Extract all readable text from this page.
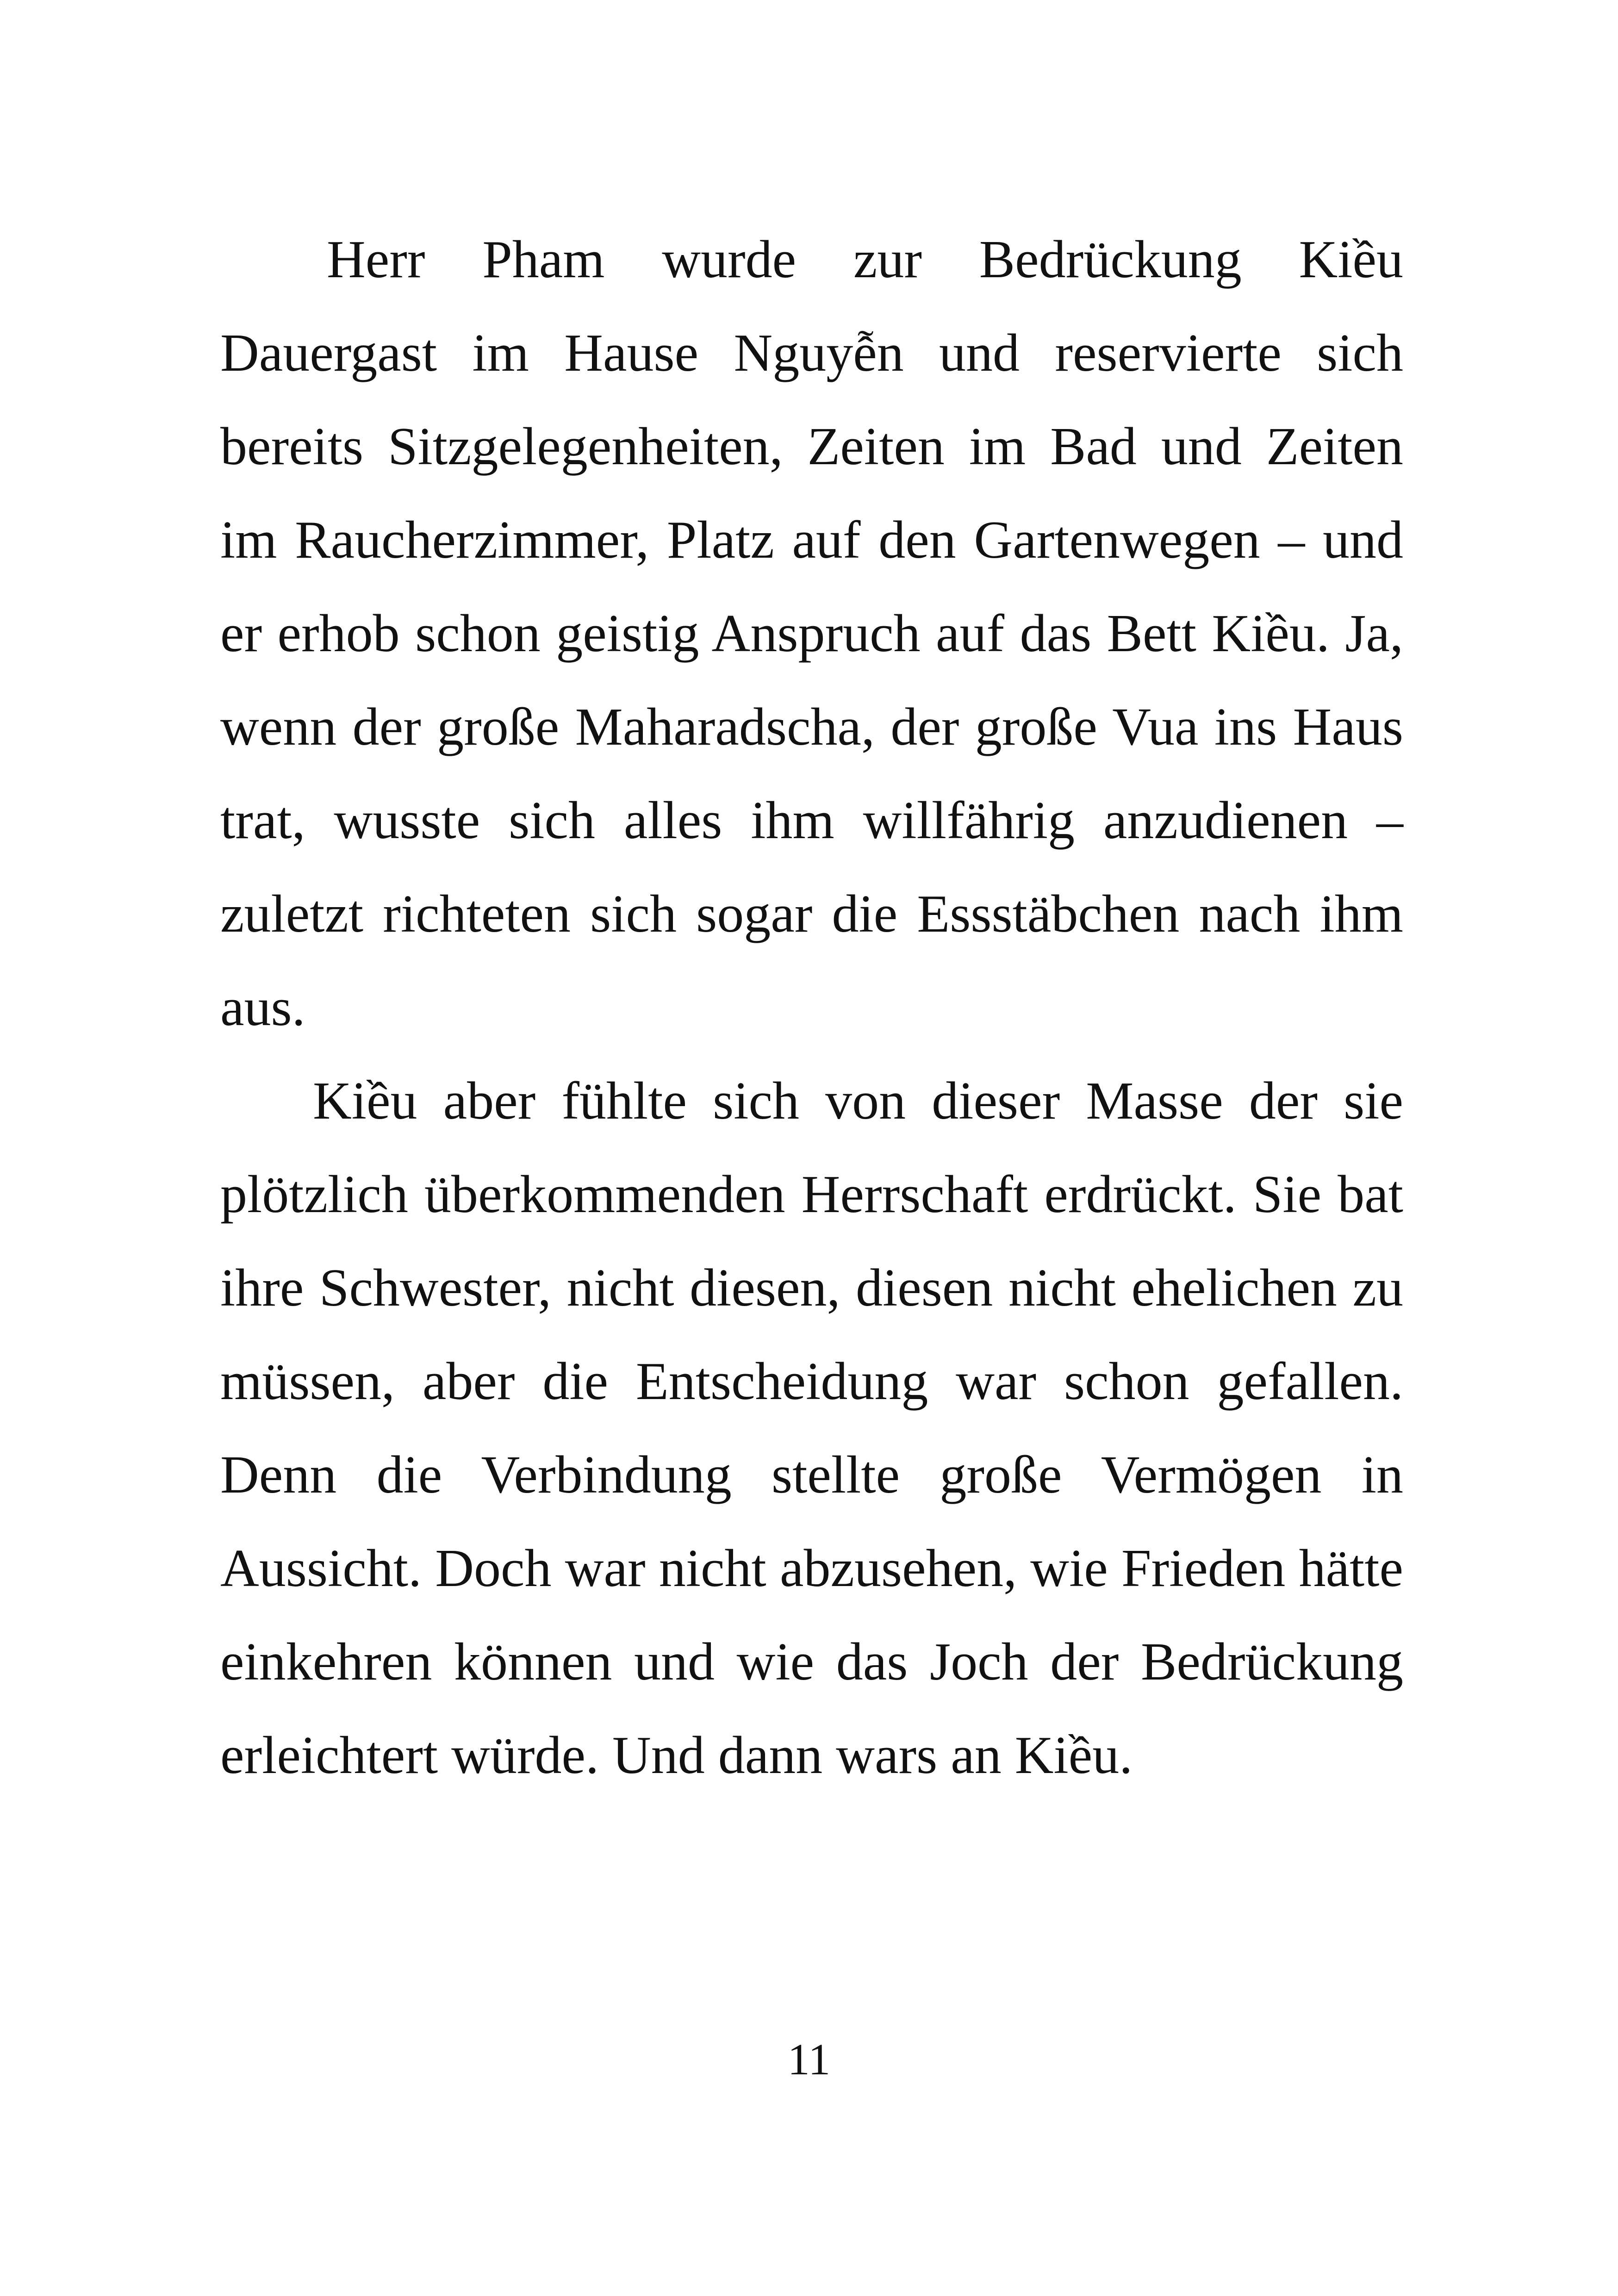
Herr Pham wurde zur Bedrückung Kiều Dauergast im Hause Nguyễn und reservierte sich bereits Sitzgelegenheiten, Zeiten im Bad und Zeiten im Raucherzimmer, Platz auf den Gartenwegen – und er erhob schon geistig Anspruch auf das Bett Kiều. Ja, wenn der große Maharadscha, der große Vua ins Haus trat, wusste sich alles ihm willfährig anzudienen – zuletzt richteten sich sogar die Essstäbchen nach ihm aus.

Kiều aber fühlte sich von dieser Masse der sie plötzlich überkommenden Herrschaft erdrückt. Sie bat ihre Schwester, nicht diesen, diesen nicht ehelichen zu müssen, aber die Entscheidung war schon gefallen. Denn die Verbindung stellte große Vermögen in Aussicht. Doch war nicht abzusehen, wie Frieden hätte einkehren können und wie das Joch der Bedrückung erleichtert würde. Und dann wars an Kiều.

11
